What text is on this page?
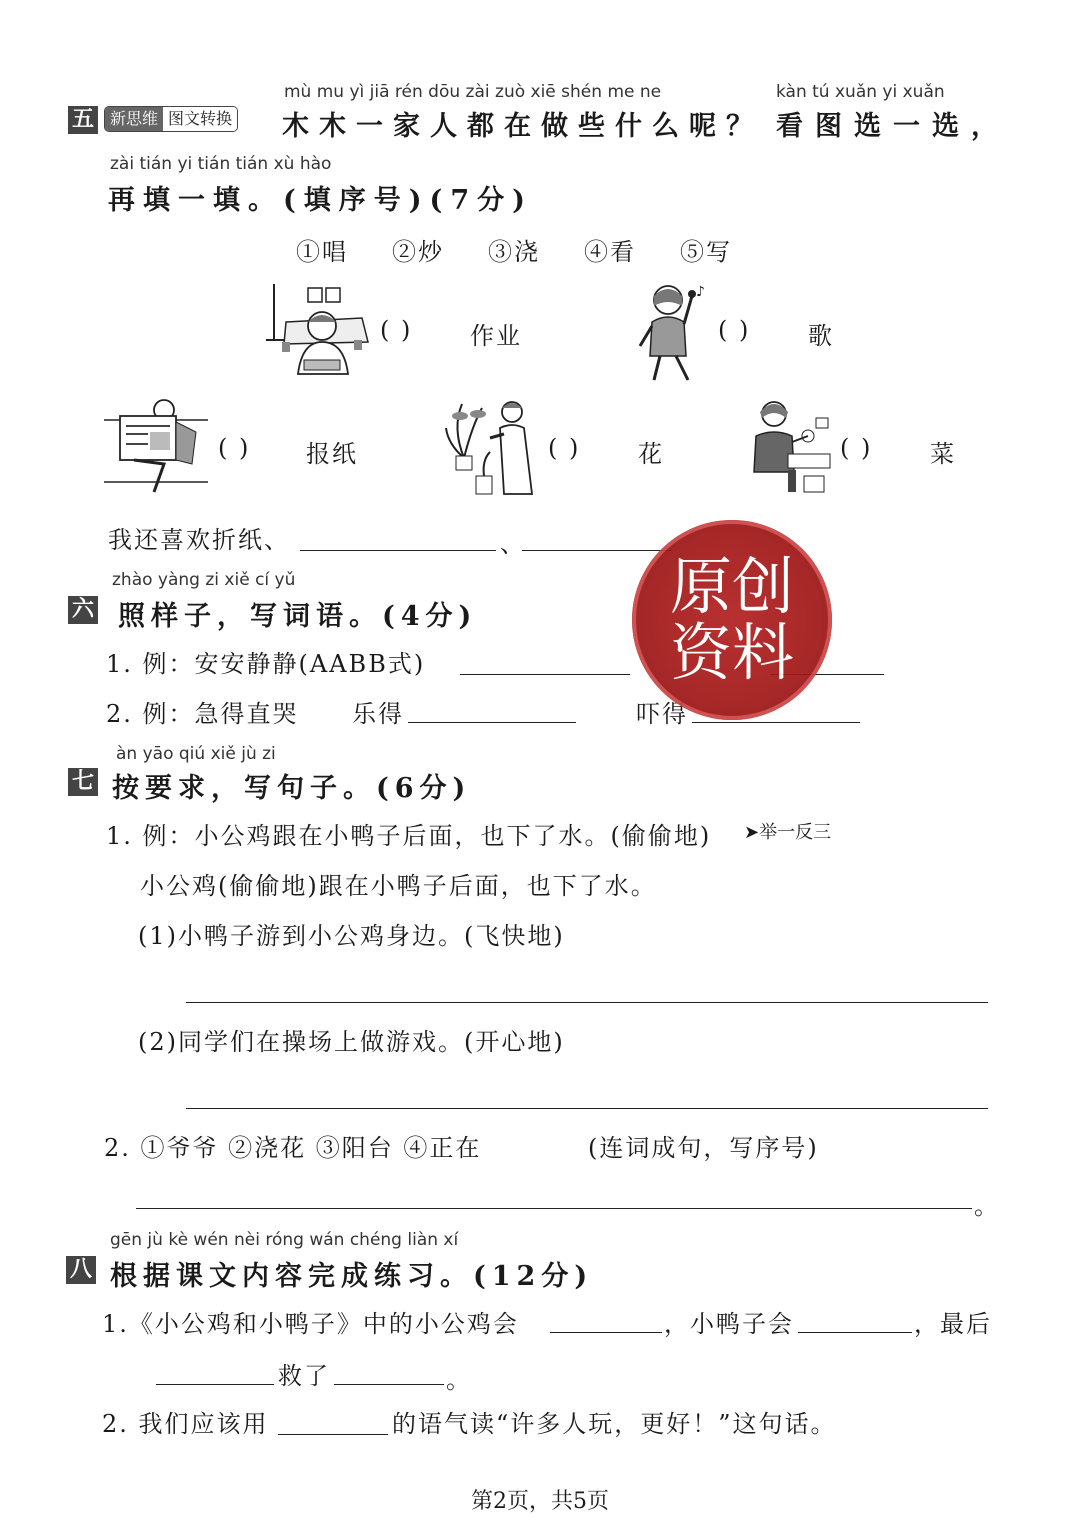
mù mu yì jiā rén dōu zài zuò xiē shén me ne	kàn tú xuǎn yi xuǎn
五	新思维 图文转换 木木一家人都在做些什么呢？ 看图选一选，
zài tián yi tián tián xù hào
再填一填。(填序号)(7分)
①唱 ②炒 ③浇 ④看 ⑤写
( ) 作业
♪
( ) 歌
( ) 报纸	( ) 花	( ) 菜
我还喜欢折纸、	、
zhào yàng zi xiě cí yǔ
六 照样子，写词语。(4分)
1. 例：安安静静(AABB式)
2. 例：急得直哭 乐得	吓得
原创
资料
àn yāo qiú xiě jù zi
七 按要求，写句子。(6分)
1. 例：小公鸡跟在小鸭子后面，也下了水。(偷偷地) ➤举一反三
小公鸡(偷偷地)跟在小鸭子后面，也下了水。
(1)小鸭子游到小公鸡身边。(飞快地)
(2)同学们在操场上做游戏。(开心地)
2. ①爷爷 ②浇花 ③阳台 ④正在	(连词成句，写序号)
。
gēn jù kè wén nèi róng wán chéng liàn xí
八 根据课文内容完成练习。(12分)
1.《小公鸡和小鸭子》中的小公鸡会	，小鸭子会	，最后
救了	。
2. 我们应该用	的语气读“许多人玩，更好！”这句话。
第2页，共5页
